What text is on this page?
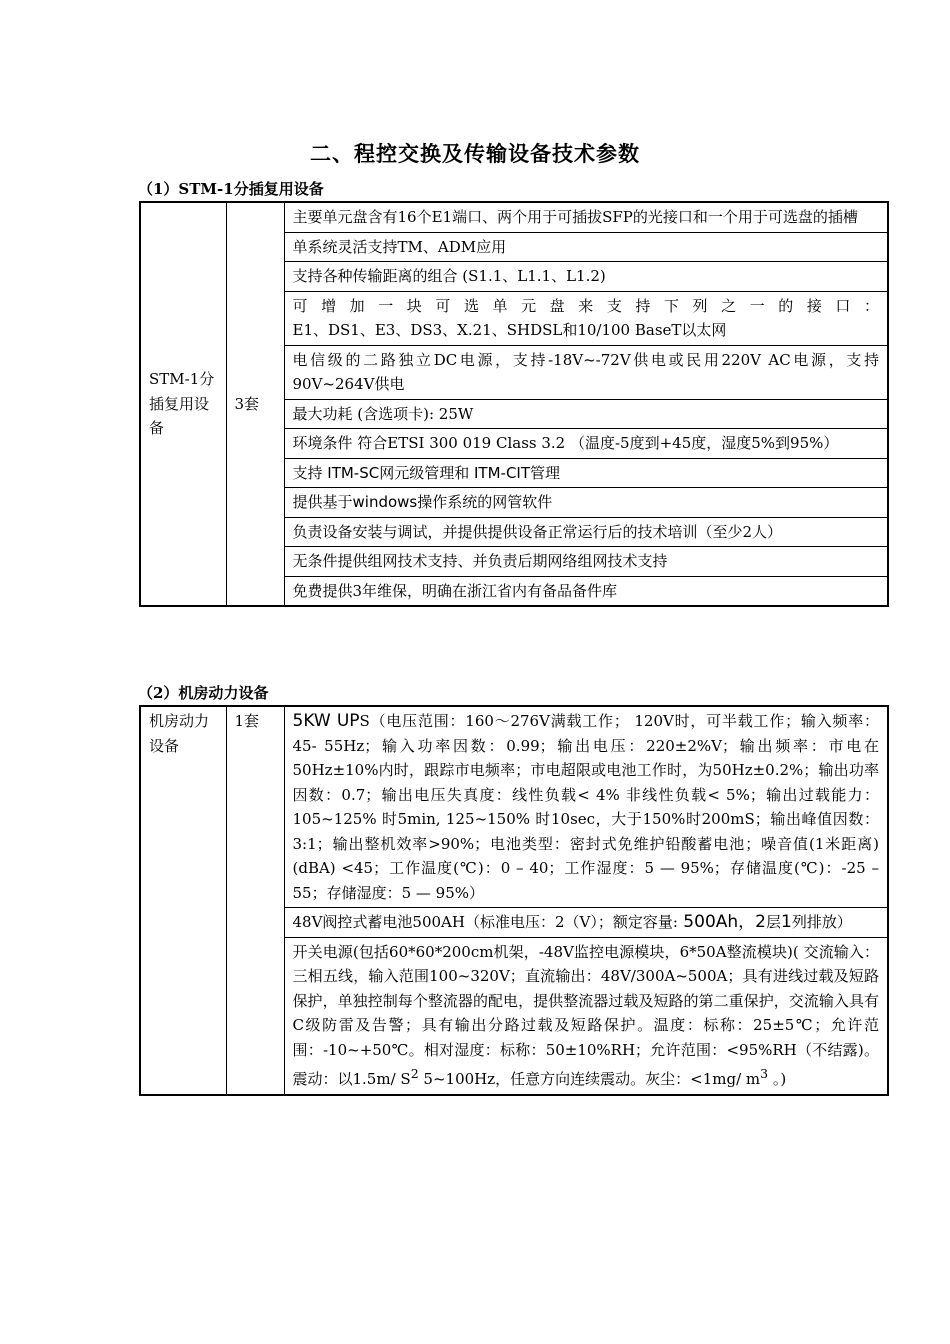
二、程控交换及传输设备技术参数

（1）STM-1分插复用设备

STM-1分插复用设备	3套	主要单元盘含有16个E1端口、两个用于可插拔SFP的光接口和一个用于可选盘的插槽
单系统灵活支持TM、ADM应用
支持各种传输距离的组合 (S1.1、L1.1、L1.2)

可增加一块可选单元盘来支持下列之一的接口：
E1、DS1、E3、DS3、X.21、SHDSL和10/100 BaseT以太网

电信级的二路独立DC电源，支持-18V~-72V供电或民用220V AC电源，支持90V~264V供电
最大功耗 (含选项卡): 25W
环境条件 符合ETSI 300 019 Class 3.2 （温度-5度到+45度，湿度5%到95%）
支持 ITM-SC网元级管理和 ITM-CIT管理
提供基于windows操作系统的网管软件
负责设备安装与调试，并提供提供设备正常运行后的技术培训（至少2人）
无条件提供组网技术支持、并负责后期网络组网技术支持
免费提供3年维保，明确在浙江省内有备品备件库

（2）机房动力设备

机房动力设备	1套	5KW UPS（电压范围：160～276V满载工作； 120V时，可半载工作；输入频率：45- 55Hz；输入功率因数：0.99；输出电压：220±2%V；输出频率：市电在50Hz±10%内时，跟踪市电频率；市电超限或电池工作时，为50Hz±0.2%；输出功率因数：0.7；输出电压失真度：线性负载< 4% 非线性负载< 5%；输出过载能力：105~125% 时5min, 125~150% 时10sec，大于150%时200mS；输出峰值因数：3:1；输出整机效率>90%；电池类型：密封式免维护铅酸蓄电池；噪音值(1米距离) (dBA) <45；工作温度(℃)：0 – 40；工作湿度：5 — 95%；存储温度(℃)：-25 – 55；存储湿度：5 — 95%）
48V阀控式蓄电池500AH（标准电压：2（V）；额定容量: 500Ah，2层1列排放）
开关电源(包括60*60*200cm机架，-48V监控电源模块，6*50A整流模块)( 交流输入：三相五线，输入范围100~320V；直流输出：48V/300A~500A；具有进线过载及短路保护，单独控制每个整流器的配电，提供整流器过载及短路的第二重保护，交流输入具有C级防雷及告警；具有输出分路过载及短路保护。温度：标称：25±5℃；允许范围：-10~+50℃。相对湿度：标称：50±10%RH；允许范围：<95%RH（不结露)。震动：以1.5m/ $S^2$ 5~100Hz，任意方向连续震动。灰尘：<1mg/ $m^3$ 。)
